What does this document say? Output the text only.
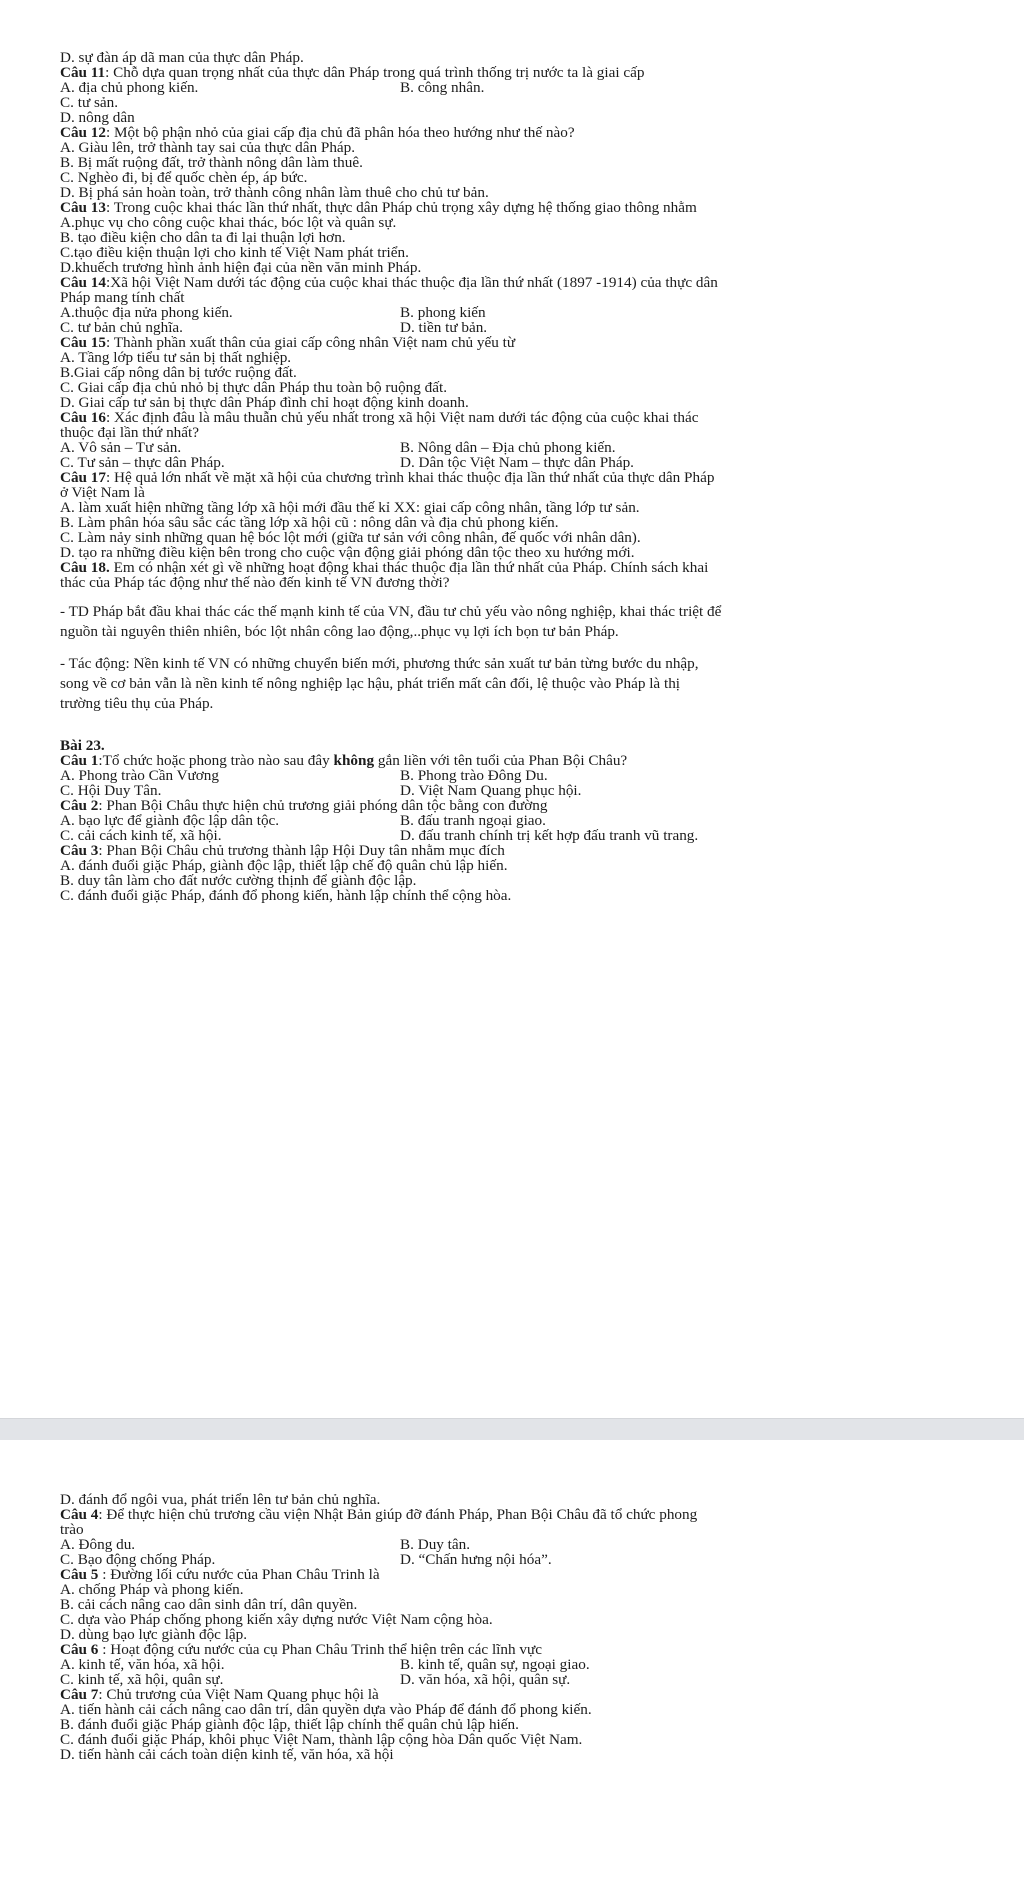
D. sự đàn áp dã man của thực dân Pháp.
Câu 11: Chỗ dựa quan trọng nhất của thực dân Pháp trong quá trình thống trị nước ta là giai cấp
A. địa chủ phong kiến.	B. công nhân.
C. tư sản.
D. nông dân
Câu 12: Một bộ phận nhỏ của giai cấp địa chủ đã phân hóa theo hướng như thế nào?
A. Giàu lên, trở thành tay sai của thực dân Pháp.
B. Bị mất ruộng đất, trở thành nông dân làm thuê.
C. Nghèo đi, bị để quốc chèn ép, áp bức.
D. Bị phá sản hoàn toàn, trở thành công nhân làm thuê cho chủ tư bản.
Câu 13: Trong cuộc khai thác lần thứ nhất, thực dân Pháp chủ trọng xây dựng hệ thống giao thông nhằm
A.phục vụ cho công cuộc khai thác, bóc lột và quân sự.
B. tạo điều kiện cho dân ta đi lại thuận lợi hơn.
C.tạo điều kiện thuận lợi cho kinh tế Việt Nam phát triển.
D.khuếch trương hình ảnh hiện đại của nền văn minh Pháp.
Câu 14:Xã hội Việt Nam dưới tác động của cuộc khai thác thuộc địa lần thứ nhất (1897 -1914) của thực dân
Pháp mang tính chất
A.thuộc địa nửa phong kiến.	B. phong kiến
C. tư bản chủ nghĩa.	D. tiền tư bản.
Câu 15: Thành phần xuất thân của giai cấp công nhân Việt nam chủ yếu từ
A. Tầng lớp tiểu tư sản bị thất nghiệp.
B.Giai cấp nông dân bị tước ruộng đất.
C. Giai cấp địa chủ nhỏ bị thực dân Pháp thu toàn bộ ruộng đất.
D. Giai cấp tư sản bị thực dân Pháp đình chỉ hoạt động kinh doanh.
Câu 16: Xác định đâu là mâu thuẫn chủ yếu nhất trong xã hội Việt nam dưới tác động của cuộc khai thác
thuộc đại lần thứ nhất?
A. Vô sản – Tư sản.	B. Nông dân – Địa chủ phong kiến.
C. Tư sản – thực dân Pháp.	D. Dân tộc Việt Nam – thực dân Pháp.
Câu 17: Hệ quả lớn nhất về mặt xã hội của chương trình khai thác thuộc địa lần thứ nhất của thực dân Pháp
ở Việt Nam là
A. làm xuất hiện những tầng lớp xã hội mới đầu thế kỉ XX: giai cấp công nhân, tầng lớp tư sản.
B. Làm phân hóa sâu sắc các tầng lớp xã hội cũ : nông dân và địa chủ phong kiến.
C. Làm nảy sinh những quan hệ bóc lột mới (giữa tư sản với công nhân, đế quốc với nhân dân).
D. tạo ra những điều kiện bên trong cho cuộc vận động giải phóng dân tộc theo xu hướng mới.
Câu 18. Em có nhận xét gì về những hoạt động khai thác thuộc địa lần thứ nhất của Pháp. Chính sách khai
thác của Pháp tác động như thế nào đến kinh tế VN đương thời?
- TD Pháp bắt đầu khai thác các thế mạnh kinh tế của VN, đầu tư chủ yếu vào nông nghiệp, khai thác triệt để
nguồn tài nguyên thiên nhiên, bóc lột nhân công lao động,..phục vụ lợi ích bọn tư bản Pháp.
- Tác động: Nền kinh tế VN có những chuyển biến mới, phương thức sản xuất tư bản từng bước du nhập,
song về cơ bản vẫn là nền kinh tế nông nghiệp lạc hậu, phát triển mất cân đối, lệ thuộc vào Pháp là thị
trường tiêu thụ của Pháp.
Bài 23.
Câu 1:Tổ chức hoặc phong trào nào sau đây không gắn liền với tên tuổi của Phan Bội Châu?
A. Phong trào Cần Vương	B. Phong trào Đông Du.
C. Hội Duy Tân.	D. Việt Nam Quang phục hội.
Câu 2: Phan Bội Châu thực hiện chủ trương giải phóng dân tộc bằng con đường
A. bạo lực để giành độc lập dân tộc.	B. đấu tranh ngoại giao.
C. cải cách kinh tế, xã hội.	D. đấu tranh chính trị kết hợp đấu tranh vũ trang.
Câu 3: Phan Bội Châu chủ trương thành lập Hội Duy tân nhằm mục đích
A. đánh đuổi giặc Pháp, giành độc lập, thiết lập chế độ quân chủ lập hiến.
B. duy tân làm cho đất nước cường thịnh để giành độc lập.
C. đánh đuổi giặc Pháp, đánh đổ phong kiến, hành lập chính thể cộng hòa.
D. đánh đổ ngôi vua, phát triển lên tư bản chủ nghĩa.
Câu 4: Để thực hiện chủ trương cầu viện Nhật Bản giúp đỡ đánh Pháp, Phan Bội Châu đã tổ chức phong
trào
A. Đông du.	B. Duy tân.
C. Bạo động chống Pháp.	D. “Chấn hưng nội hóa”.
Câu 5 : Đường lối cứu nước của Phan Châu Trinh là
A. chống Pháp và phong kiến.
B. cải cách nâng cao dân sinh dân trí, dân quyền.
C. dựa vào Pháp chống phong kiến xây dựng nước Việt Nam cộng hòa.
D. dùng bạo lực giành độc lập.
Câu 6 : Hoạt động cứu nước của cụ Phan Châu Trinh thể hiện trên các lĩnh vực
A. kinh tế, văn hóa, xã hội.	B. kinh tế, quân sự, ngoại giao.
C. kinh tế, xã hội, quân sự.	D. văn hóa, xã hội, quân sự.
Câu 7: Chủ trương của Việt Nam Quang phục hội là
A. tiến hành cải cách nâng cao dân trí, dân quyền dựa vào Pháp để đánh đổ phong kiến.
B. đánh đuổi giặc Pháp giành độc lập, thiết lập chính thể quân chủ lập hiến.
C. đánh đuổi giặc Pháp, khôi phục Việt Nam, thành lập cộng hòa Dân quốc Việt Nam.
D. tiến hành cải cách toàn diện kinh tế, văn hóa, xã hội
